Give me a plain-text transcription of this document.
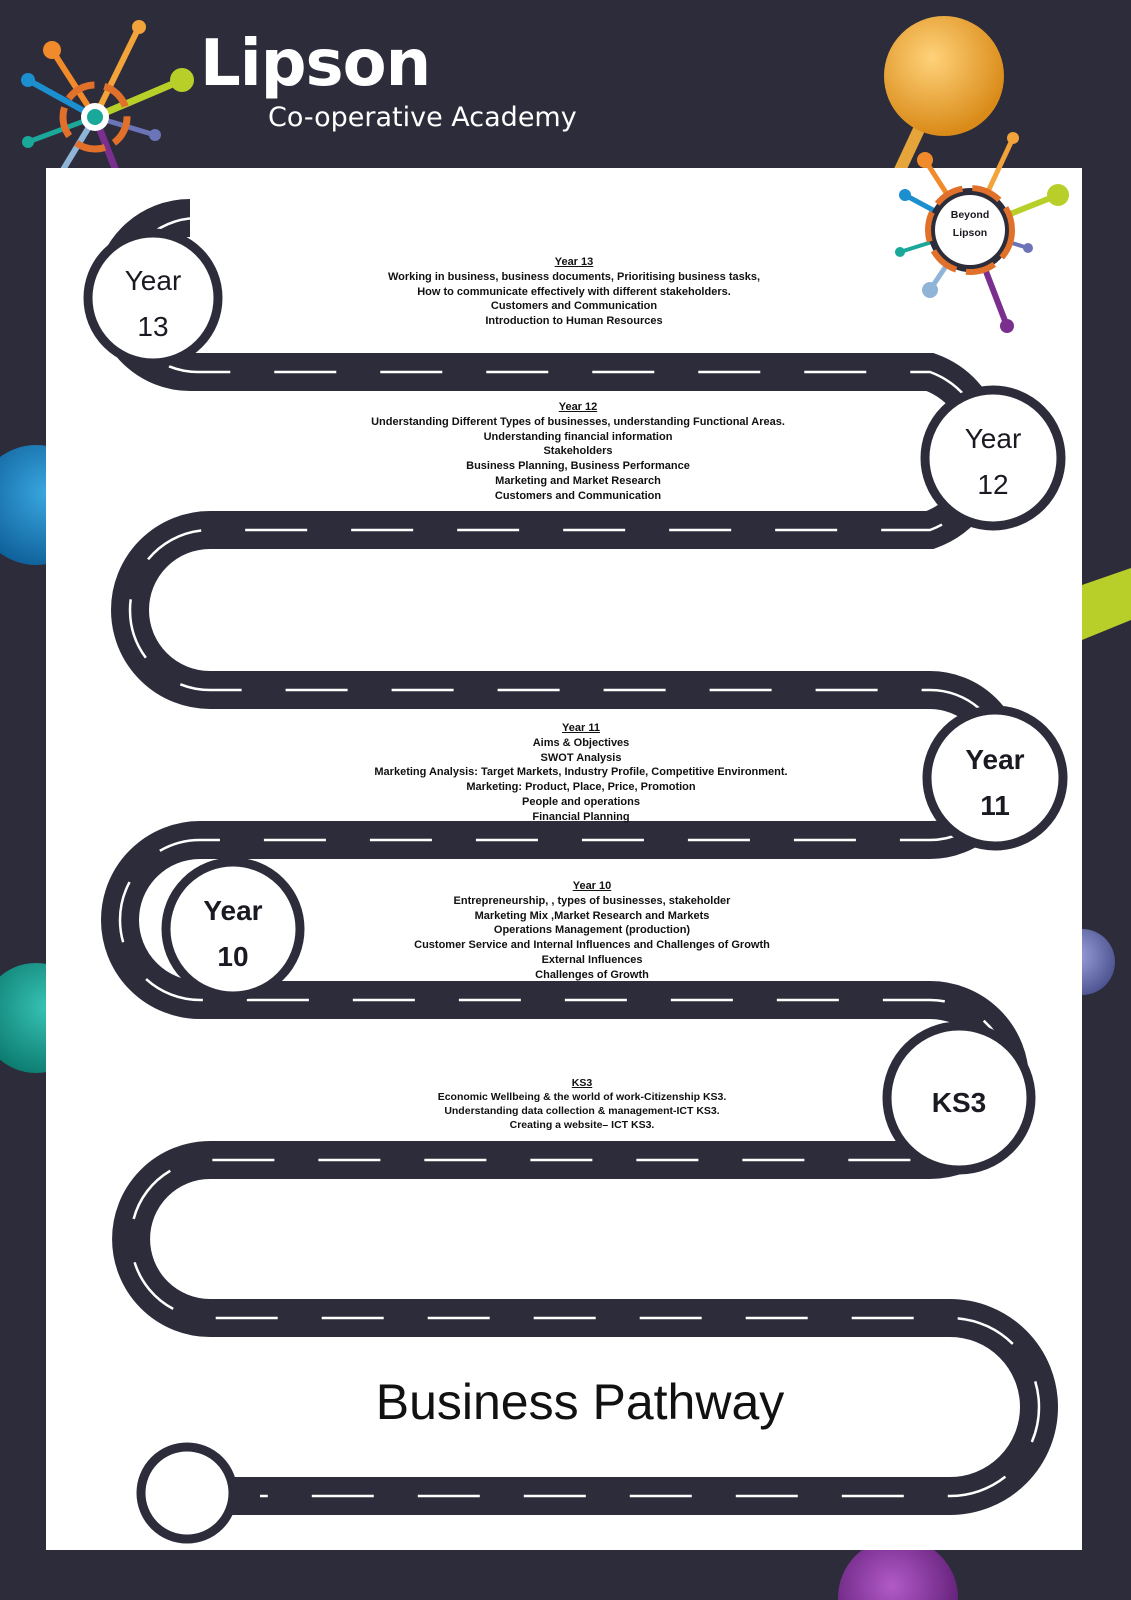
Lipson
Co-operative Academy
Beyond
Lipson
Year
13
Year
12
Year
11
Year
10
KS3
Year 13
Working in business, business documents, Prioritising business tasks,
How to communicate effectively with different stakeholders.
Customers and Communication
Introduction to Human Resources
Year 12
Understanding Different Types of businesses, understanding Functional Areas.
Understanding financial information
Stakeholders
Business Planning, Business Performance
Marketing and Market Research
Customers and Communication
Year 11
Aims & Objectives
SWOT Analysis
Marketing Analysis: Target Markets, Industry Profile, Competitive Environment.
Marketing: Product, Place, Price, Promotion
People and operations
Financial Planning
Year 10
Entrepreneurship, , types of businesses, stakeholder
Marketing Mix ,Market Research and Markets
Operations Management (production)
Customer Service and Internal Influences and Challenges of Growth
External Influences
Challenges of Growth
KS3
Economic Wellbeing & the world of work-Citizenship KS3.
Understanding data collection & management-ICT KS3.
Creating a website– ICT KS3.
Business Pathway
